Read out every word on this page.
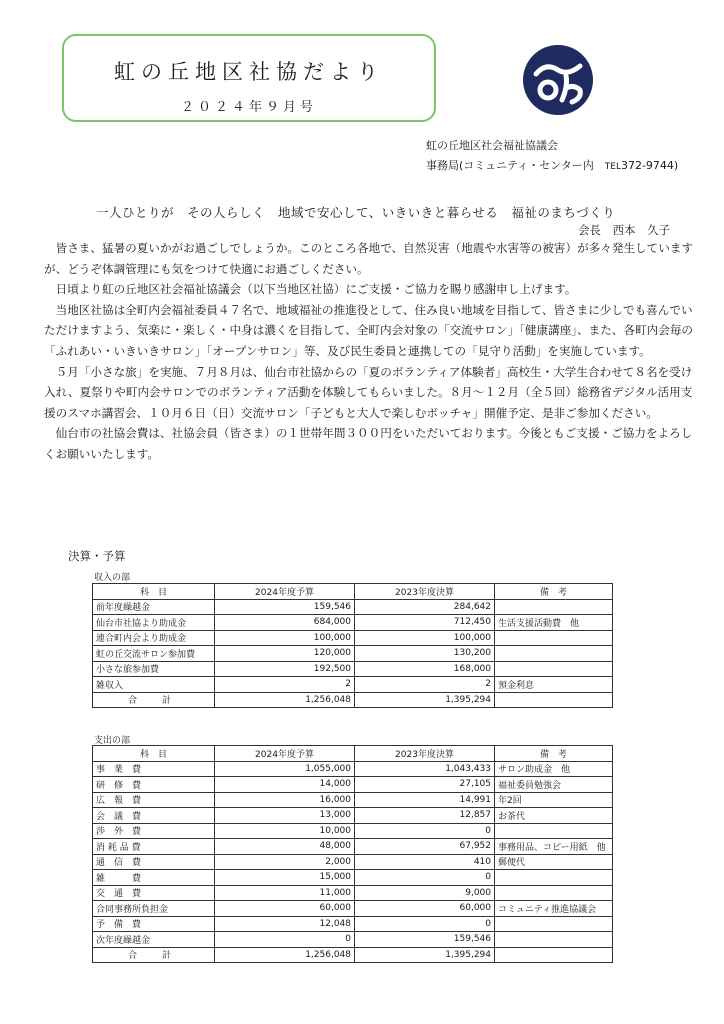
虹の丘地区社協だより
２０２４年９月号
虹の丘地区社会福祉協議会
事務局(コミュニティ・センター内　 TEL372-9744)
一人ひとりが　その人らしく　地域で安心して、いきいきと暮らせる　福祉のまちづくり
会長　西本　久子

皆さま、猛暑の夏いかがお過ごしでしょうか。このところ各地で、自然災害（地震や水害等の被害）が多々発生していますが、どうぞ体調管理にも気をつけて快適にお過ごしください。

日頃より虹の丘地区社会福祉協議会（以下当地区社協）にご支援・ご協力を賜り感謝申し上げます。

当地区社協は全町内会福祉委員４７名で、地域福祉の推進役として、住み良い地域を目指して、皆さまに少しでも喜んでいただけますよう、気楽に・楽しく・中身は濃くを目指して、全町内会対象の「交流サロン」「健康講座」、また、各町内会毎の「ふれあい・いきいきサロン」「オープンサロン」等、及び民生委員と連携しての「見守り活動」を実施しています。

５月「小さな旅」を実施、７月８月は、仙台市社協からの「夏のボランティア体験者」高校生・大学生合わせて８名を受け入れ、夏祭りや町内会サロンでのボランティア活動を体験してもらいました。８月～１２月（全５回）総務省デジタル活用支援のスマホ講習会、１０月６日（日）交流サロン「子どもと大人で楽しむボッチャ」開催予定、是非ご参加ください。

仙台市の社協会費は、社協会員（皆さま）の１世帯年間３００円をいただいております。今後ともご支援・ご協力をよろしくお願いいたします。

決算・予算
収入の部
科　目	2024年度予算	2023年度決算	備　考
前年度繰越金	159,546	284,642	
仙台市社協より助成金	684,000	712,450	生活支援活動費　他
連合町内会より助成金	100,000	100,000	
虹の丘交流サロン参加費	120,000	130,200	
小さな旅参加費	192,500	168,000	
雑収入	2	2	預金利息
合　計	1,256,048	1,395,294	
支出の部
科　目	2024年度予算	2023年度決算	備　考
事　業　費	1,055,000	1,043,433	サロン助成金　他
研　修　費	14,000	27,105	福祉委員勉強会
広　報　費	16,000	14,991	年2回
会　議　費	13,000	12,857	お茶代
渉　外　費	10,000	0	
消 耗 品 費	48,000	67,952	事務用品、コピー用紙　他
通　信　費	2,000	410	郵便代
雑　　　費	15,000	0	
交　通　費	11,000	9,000	
合同事務所負担金	60,000	60,000	コミュニティ推進協議会
予　備　費	12,048	0	
次年度繰越金	0	159,546	
合　計	1,256,048	1,395,294	
